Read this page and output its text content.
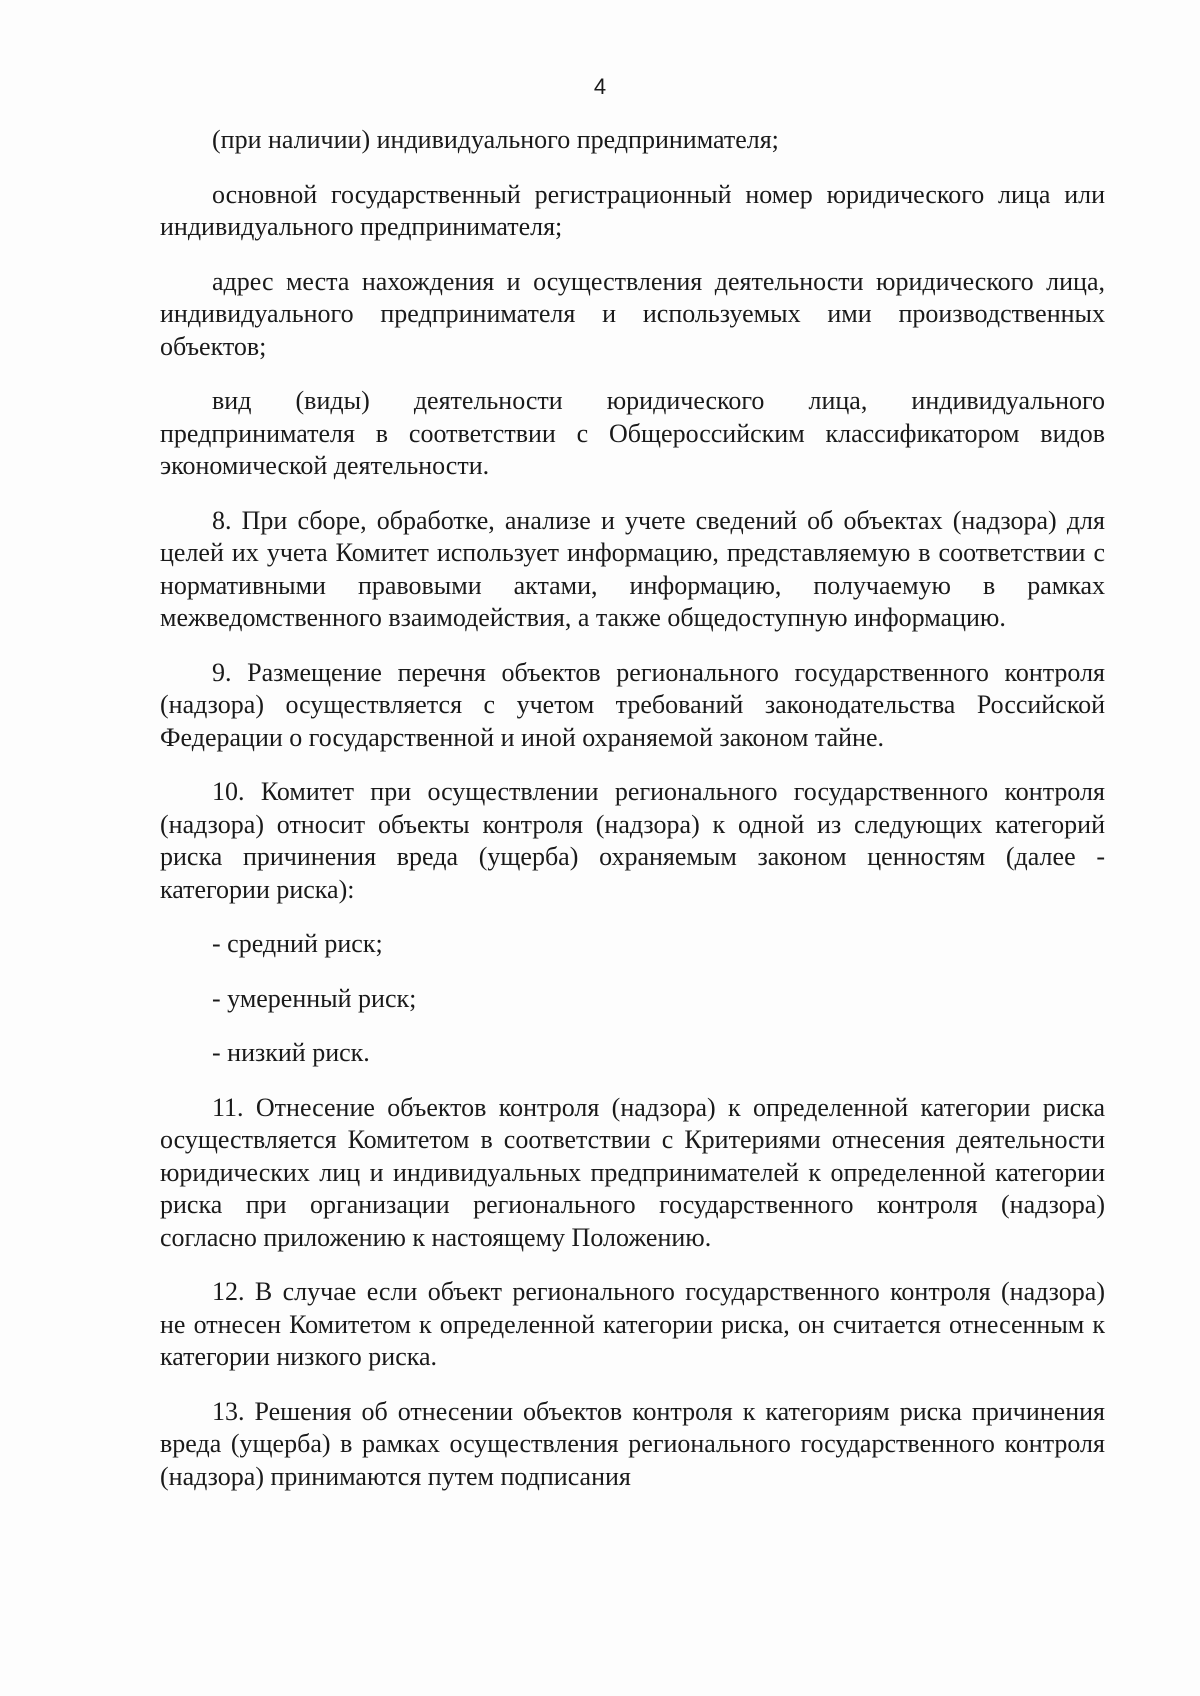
4

(при наличии) индивидуального предпринимателя;

основной государственный регистрационный номер юридического лица или индивидуального предпринимателя;

адрес места нахождения и осуществления деятельности юридического лица, индивидуального предпринимателя и используемых ими производственных объектов;

вид (виды) деятельности юридического лица, индивидуального предпринимателя в соответствии с Общероссийским классификатором видов экономической деятельности.

8. При сборе, обработке, анализе и учете сведений об объектах (надзора) для целей их учета Комитет использует информацию, представляемую в соответствии с нормативными правовыми актами, информацию, получаемую в рамках межведомственного взаимодействия, а также общедоступную информацию.

9. Размещение перечня объектов регионального государственного контроля (надзора) осуществляется с учетом требований законодательства Российской Федерации о государственной и иной охраняемой законом тайне.

10. Комитет при осуществлении регионального государственного контроля (надзора) относит объекты контроля (надзора) к одной из следующих категорий риска причинения вреда (ущерба) охраняемым законом ценностям (далее - категории риска):

- средний риск;

- умеренный риск;

- низкий риск.

11. Отнесение объектов контроля (надзора) к определенной категории риска осуществляется Комитетом в соответствии с Критериями отнесения деятельности юридических лиц и индивидуальных предпринимателей к определенной категории риска при организации регионального государственного контроля (надзора) согласно приложению к настоящему Положению.

12. В случае если объект регионального государственного контроля (надзора) не отнесен Комитетом к определенной категории риска, он считается отнесенным к категории низкого риска.

13. Решения об отнесении объектов контроля к категориям риска причинения вреда (ущерба) в рамках осуществления регионального государственного контроля (надзора) принимаются путем подписания
